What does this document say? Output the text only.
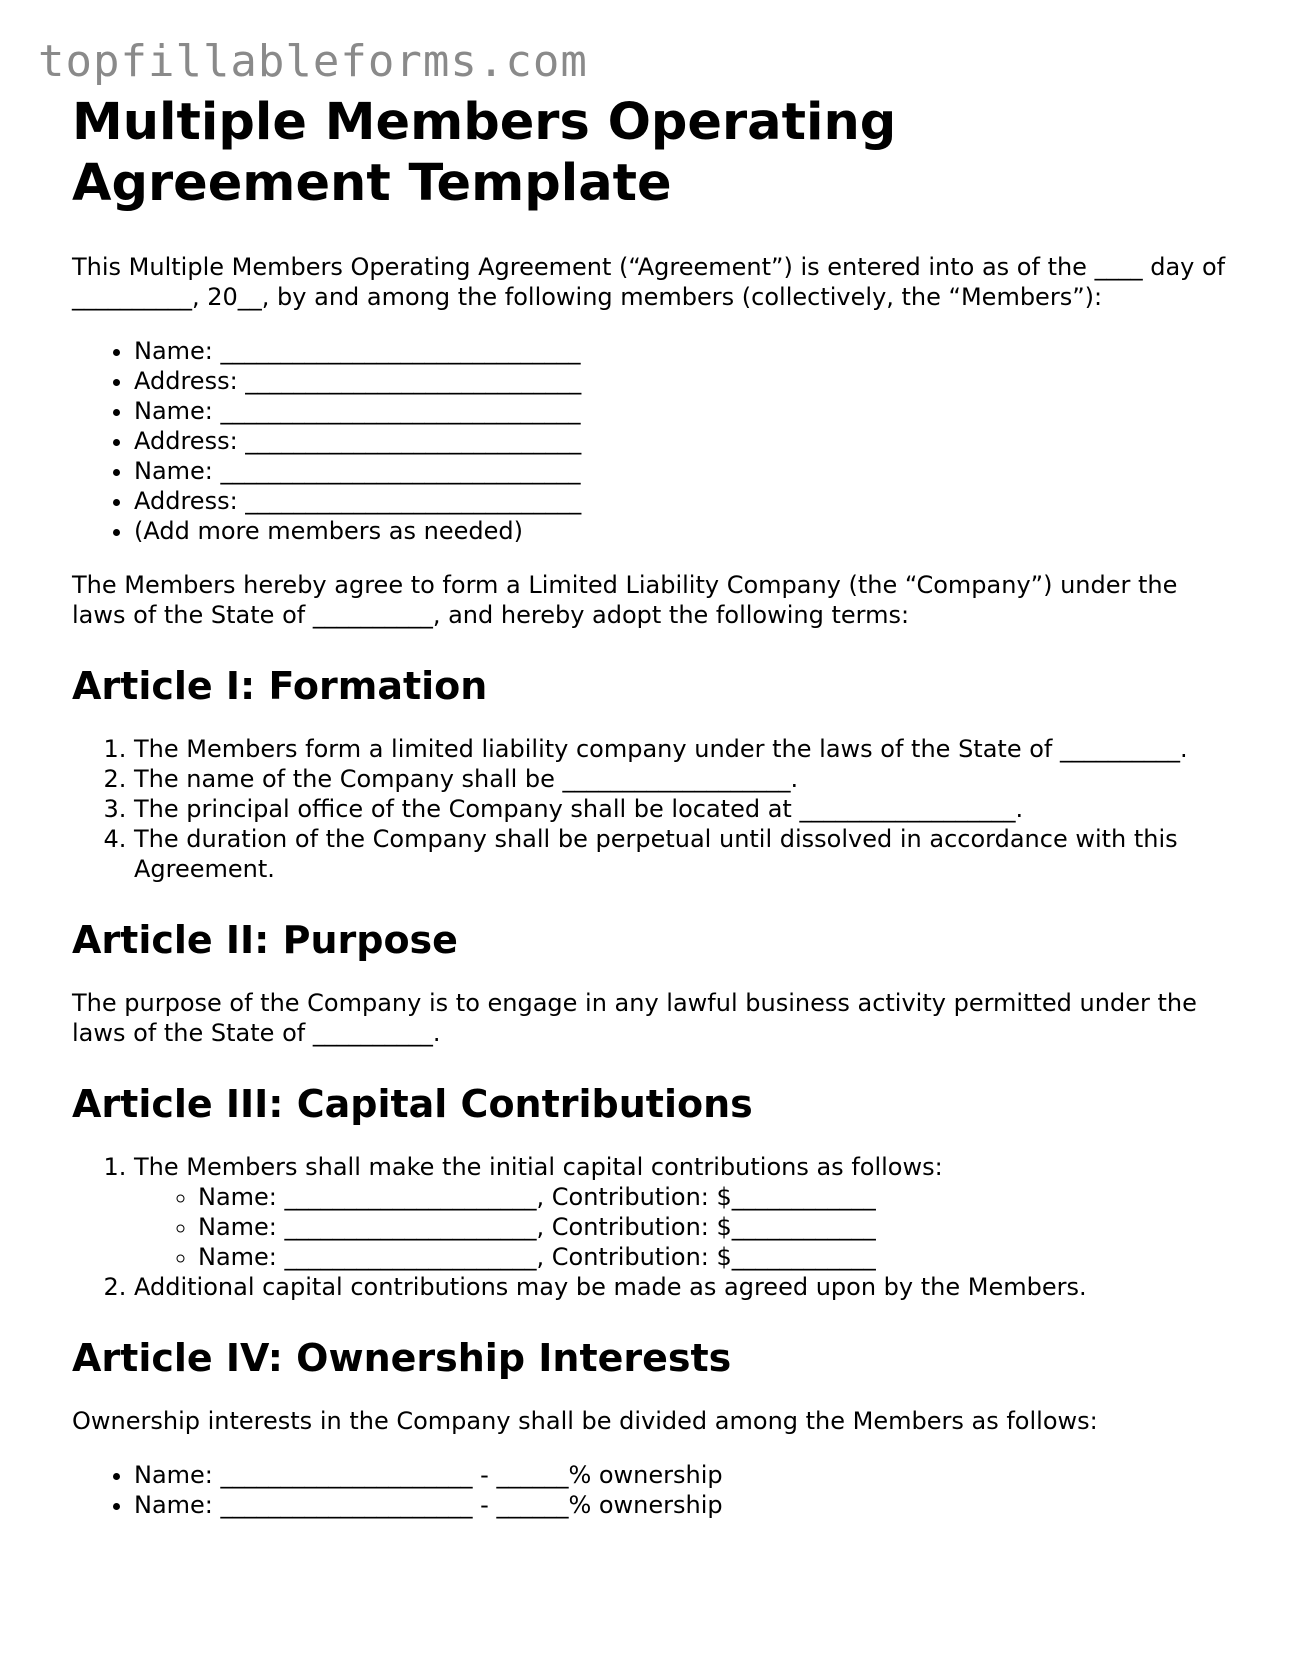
topfillableforms.com
Multiple Members Operating Agreement Template

This Multiple Members Operating Agreement (“Agreement”) is entered into as of the ____ day of __________, 20__, by and among the following members (collectively, the “Members”):

• Name: ______________________________
• Address: ____________________________
• Name: ______________________________
• Address: ____________________________
• Name: ______________________________
• Address: ____________________________
• (Add more members as needed)

The Members hereby agree to form a Limited Liability Company (the “Company”) under the laws of the State of __________, and hereby adopt the following terms:

Article I: Formation
1. The Members form a limited liability company under the laws of the State of __________.
2. The name of the Company shall be ___________________.
3. The principal office of the Company shall be located at __________________.
4. The duration of the Company shall be perpetual until dissolved in accordance with this Agreement.
Article II: Purpose

The purpose of the Company is to engage in any lawful business activity permitted under the laws of the State of __________.

Article III: Capital Contributions
1. The Members shall make the initial capital contributions as follows:
◦ Name: _____________________, Contribution: $____________
◦ Name: _____________________, Contribution: $____________
◦ Name: _____________________, Contribution: $____________
2. Additional capital contributions may be made as agreed upon by the Members.
Article IV: Ownership Interests

Ownership interests in the Company shall be divided among the Members as follows:

• Name: _____________________ - ______% ownership
• Name: _____________________ - ______% ownership
